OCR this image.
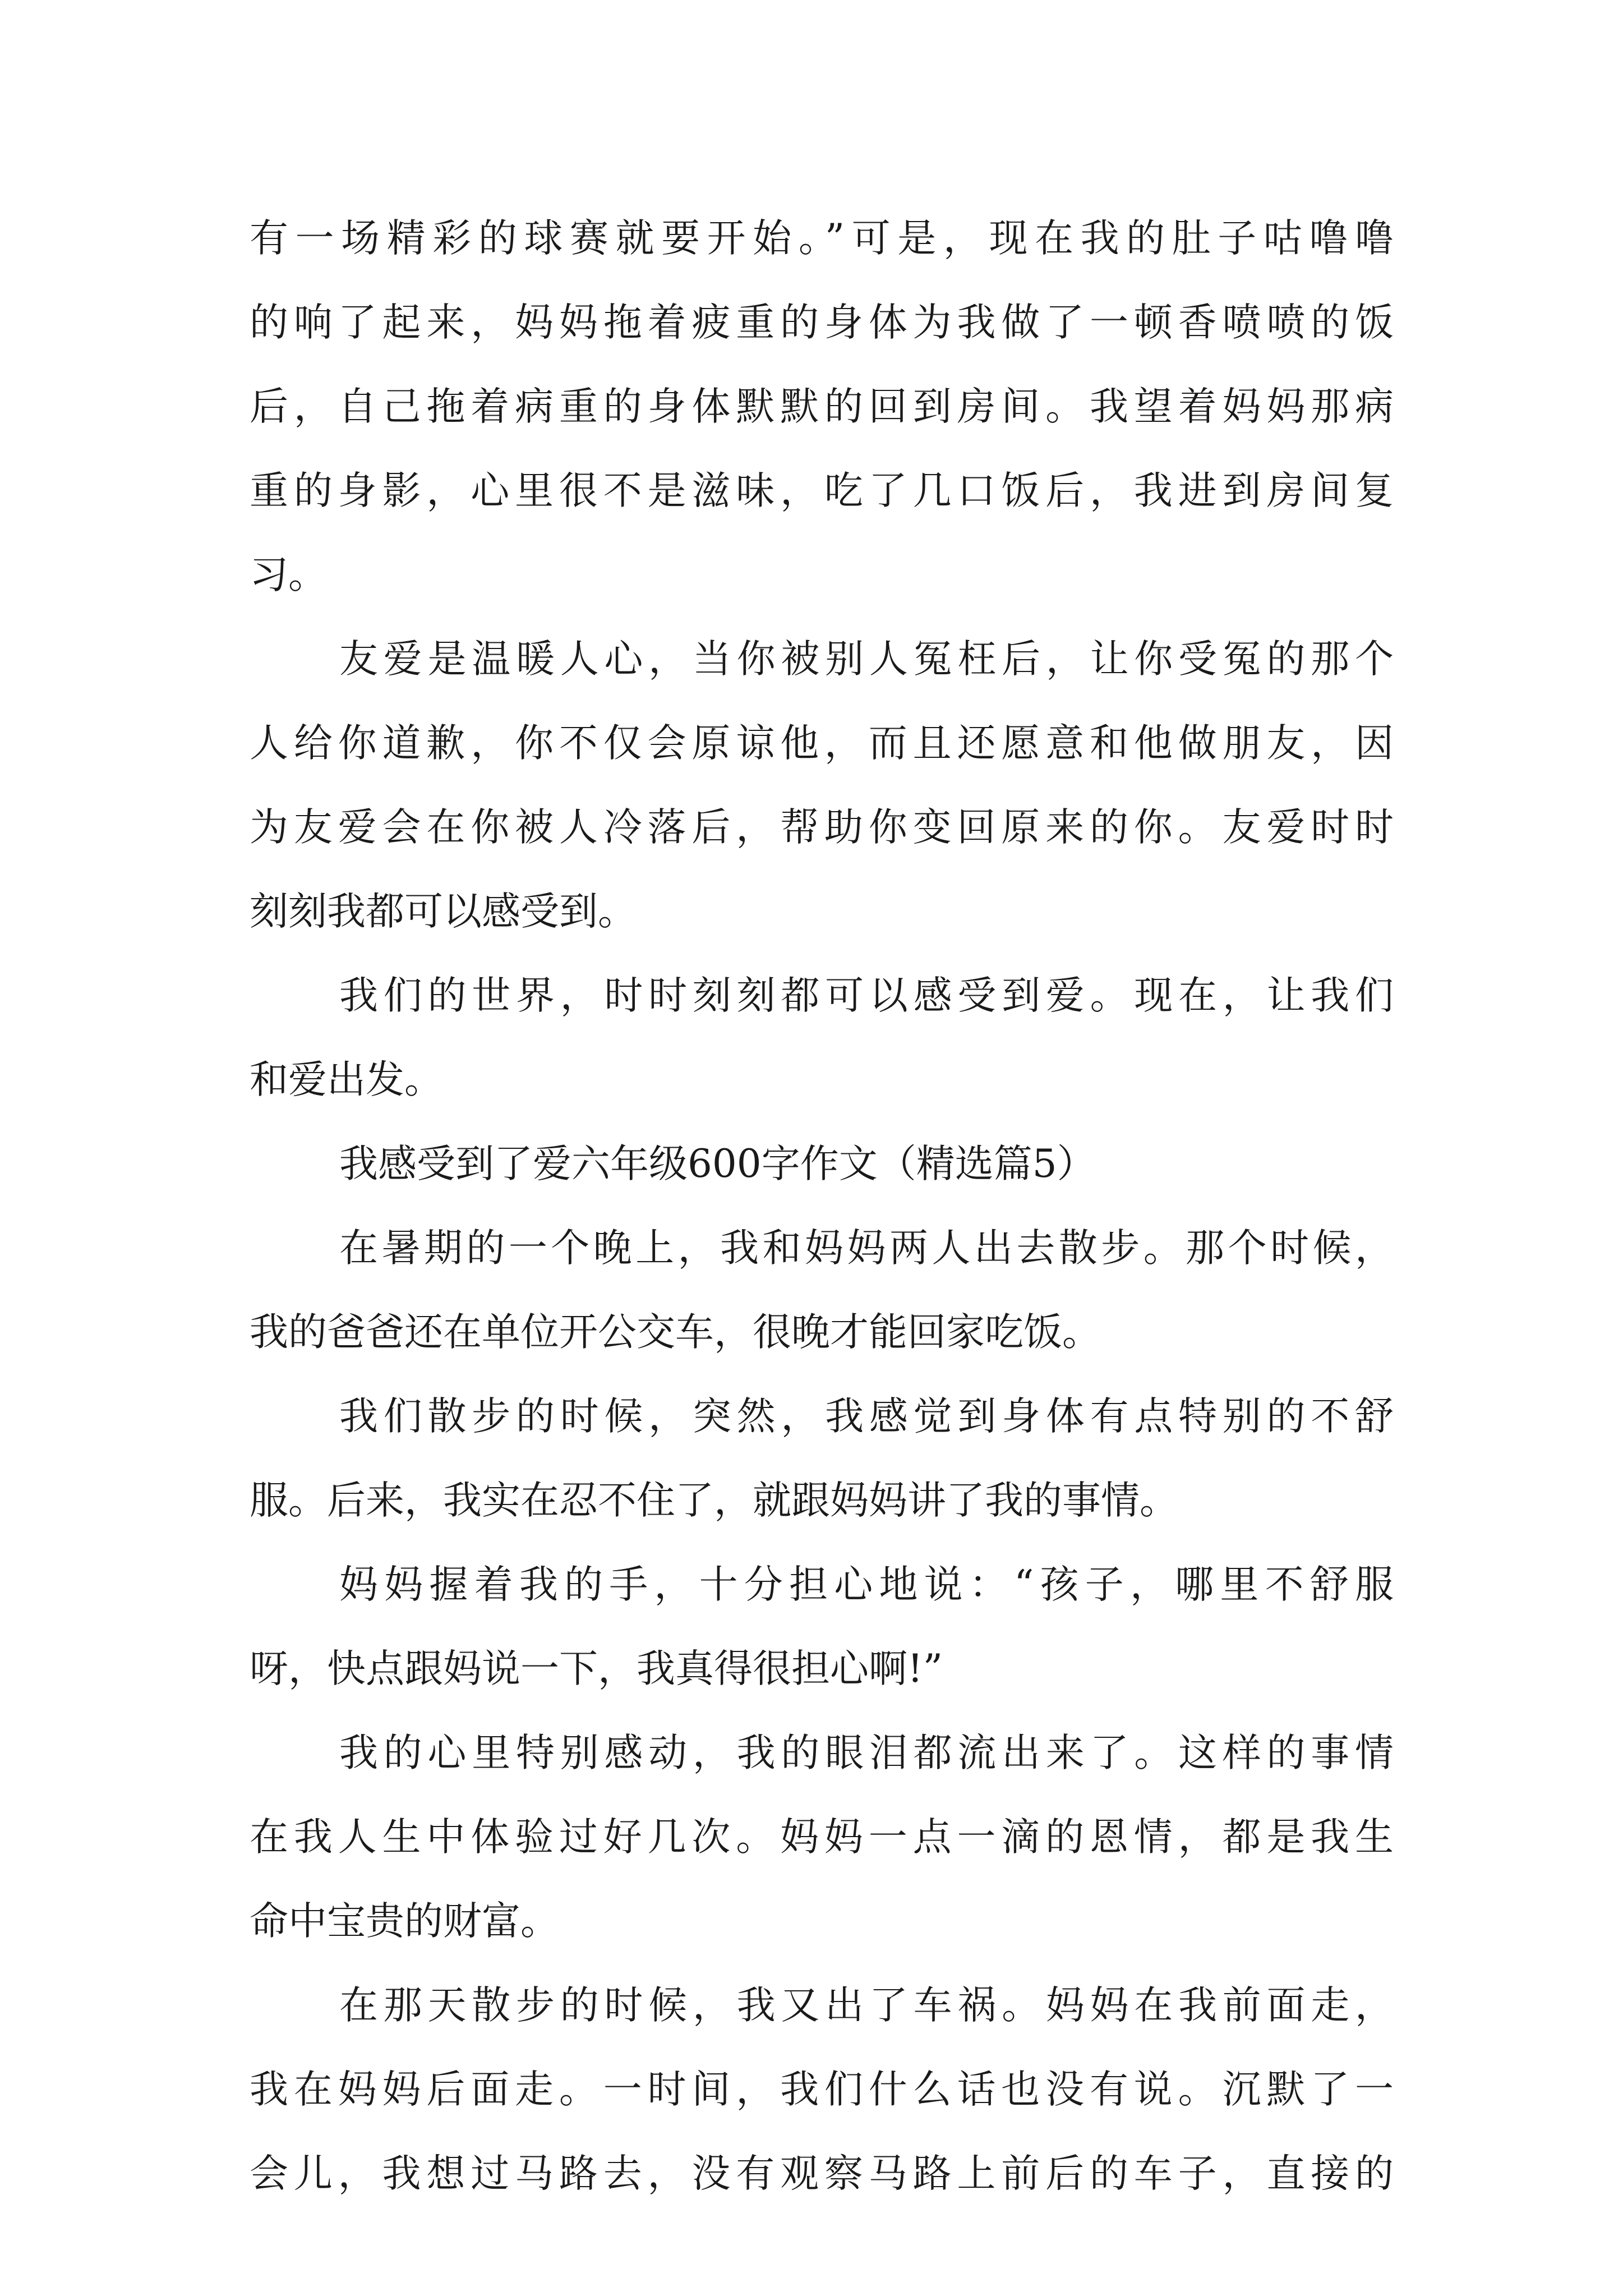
有一场精彩的球赛就要开始。”可是，现在我的肚子咕噜噜
的响了起来，妈妈拖着疲重的身体为我做了一顿香喷喷的饭
后，自己拖着病重的身体默默的回到房间。我望着妈妈那病
重的身影，心里很不是滋味，吃了几口饭后，我进到房间复
习。
友爱是温暖人心，当你被别人冤枉后，让你受冤的那个
人给你道歉，你不仅会原谅他，而且还愿意和他做朋友，因
为友爱会在你被人冷落后，帮助你变回原来的你。友爱时时
刻刻我都可以感受到。
我们的世界，时时刻刻都可以感受到爱。现在，让我们
和爱出发。
我感受到了爱六年级600字作文（精选篇5）
在暑期的一个晚上，我和妈妈两人出去散步。那个时候，
我的爸爸还在单位开公交车，很晚才能回家吃饭。
我们散步的时候，突然，我感觉到身体有点特别的不舒
服。后来，我实在忍不住了，就跟妈妈讲了我的事情。
妈妈握着我的手，十分担心地说：“孩子，哪里不舒服
呀，快点跟妈说一下，我真得很担心啊!”
我的心里特别感动，我的眼泪都流出来了。这样的事情
在我人生中体验过好几次。妈妈一点一滴的恩情，都是我生
命中宝贵的财富。
在那天散步的时候，我又出了车祸。妈妈在我前面走，
我在妈妈后面走。一时间，我们什么话也没有说。沉默了一
会儿，我想过马路去，没有观察马路上前后的车子，直接的
